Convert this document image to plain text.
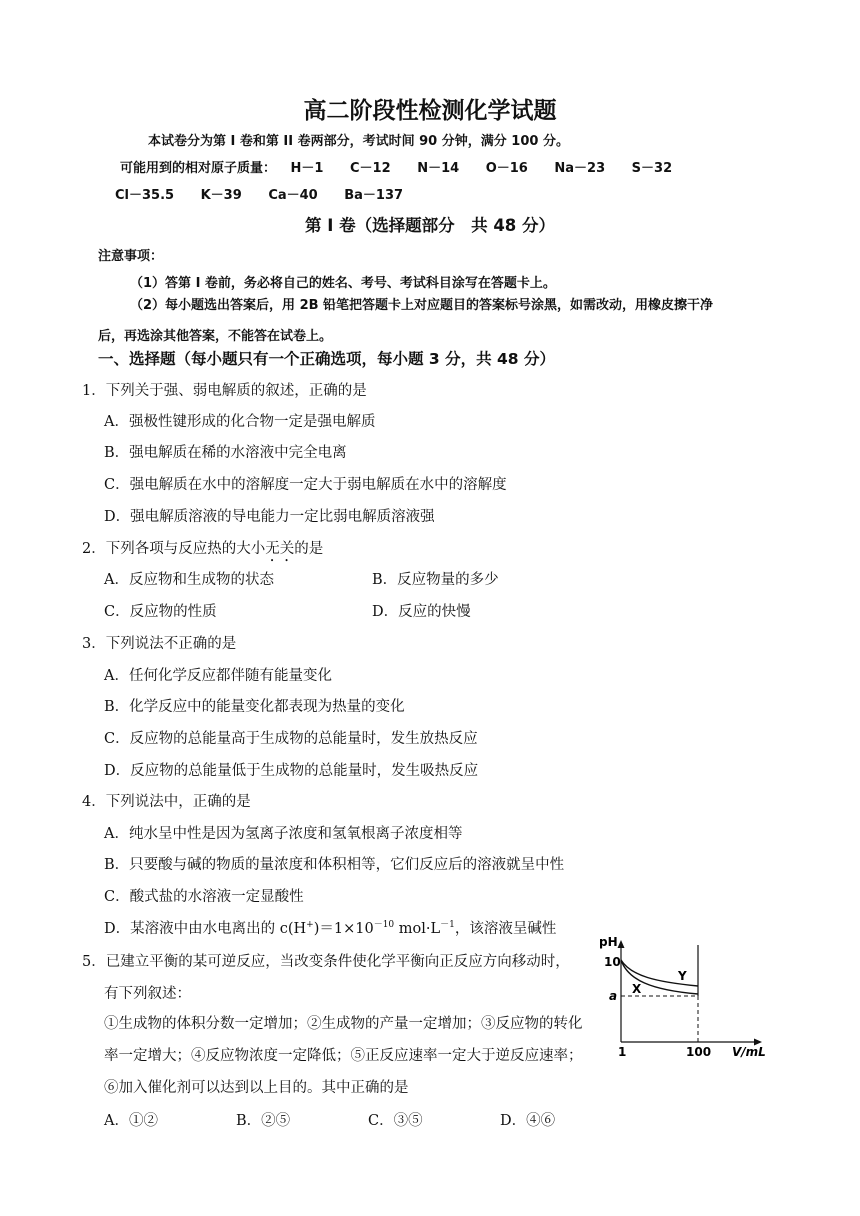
高二阶段性检测化学试题
本试卷分为第 I 卷和第 II 卷两部分，考试时间 90 分钟，满分 100 分。
可能用到的相对原子质量： H－1 C－12 N－14 O－16 Na－23 S－32
Cl－35.5 K－39 Ca－40 Ba－137
第 I 卷（选择题部分　共 48 分）
注意事项：
（1）答第 I 卷前，务必将自己的姓名、考号、考试科目涂写在答题卡上。
（2）每小题选出答案后，用 2B 铅笔把答题卡上对应题目的答案标号涂黑，如需改动，用橡皮擦干净后，再选涂其他答案，不能答在试卷上。
一、选择题（每小题只有一个正确选项，每小题 3 分，共 48 分）
1．下列关于强、弱电解质的叙述，正确的是
A．强极性键形成的化合物一定是强电解质
B．强电解质在稀的水溶液中完全电离
C．强电解质在水中的溶解度一定大于弱电解质在水中的溶解度
D．强电解质溶液的导电能力一定比弱电解质溶液强
2．下列各项与反应热的大小无关的是
A．反应物和生成物的状态	B．反应物量的多少
C．反应物的性质	D．反应的快慢
3．下列说法不正确的是
A．任何化学反应都伴随有能量变化
B．化学反应中的能量变化都表现为热量的变化
C．反应物的总能量高于生成物的总能量时，发生放热反应
D．反应物的总能量低于生成物的总能量时，发生吸热反应
4．下列说法中，正确的是
A．纯水呈中性是因为氢离子浓度和氢氧根离子浓度相等
B．只要酸与碱的物质的量浓度和体积相等，它们反应后的溶液就呈中性
C．酸式盐的水溶液一定显酸性
D．某溶液中由水电离出的 $c(H^+)=1\times 10^{-10}$ $mol\cdot L^{-1}$，该溶液呈碱性
5．已建立平衡的某可逆反应，当改变条件使化学平衡向正反应方向移动时，
有下列叙述：
①生成物的体积分数一定增加；②生成物的产量一定增加；③反应物的转化率一定增大；④反应物浓度一定降低；⑤正反应速率一定大于逆反应速率；⑥加入催化剂可以达到以上目的。其中正确的是
A．①②	B．②⑤	C．③⑤	D．④⑥
pH
10
a
Y
X
1	100 V/mL
